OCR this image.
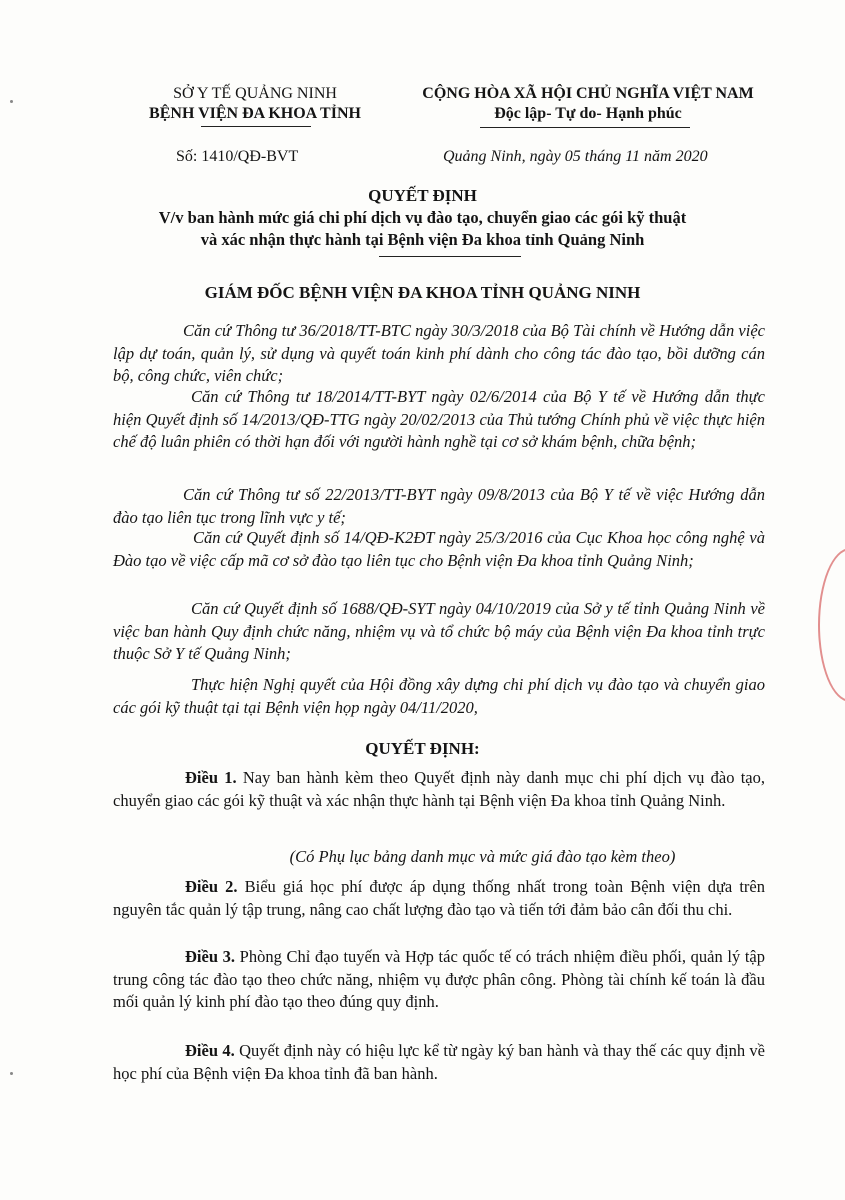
SỞ Y TẾ QUẢNG NINH
BỆNH VIỆN ĐA KHOA TỈNH
CỘNG HÒA XÃ HỘI CHỦ NGHĨA VIỆT NAM
Độc lập- Tự do- Hạnh phúc
Số: 1410/QĐ-BVT	Quảng Ninh, ngày 05 tháng 11 năm 2020
QUYẾT ĐỊNH
V/v ban hành mức giá chi phí dịch vụ đào tạo, chuyển giao các gói kỹ thuật
và xác nhận thực hành tại Bệnh viện Đa khoa tỉnh Quảng Ninh
GIÁM ĐỐC BỆNH VIỆN ĐA KHOA TỈNH QUẢNG NINH
Căn cứ Thông tư 36/2018/TT-BTC ngày 30/3/2018 của Bộ Tài chính về Hướng dẫn việc lập dự toán, quản lý, sử dụng và quyết toán kinh phí dành cho công tác đào tạo, bồi dưỡng cán bộ, công chức, viên chức;
Căn cứ Thông tư 18/2014/TT-BYT ngày 02/6/2014 của Bộ Y tế về Hướng dẫn thực hiện Quyết định số 14/2013/QĐ-TTG ngày 20/02/2013 của Thủ tướng Chính phủ về việc thực hiện chế độ luân phiên có thời hạn đối với người hành nghề tại cơ sở khám bệnh, chữa bệnh;
Căn cứ Thông tư số 22/2013/TT-BYT ngày 09/8/2013 của Bộ Y tế về việc Hướng dẫn đào tạo liên tục trong lĩnh vực y tế;
Căn cứ Quyết định số 14/QĐ-K2ĐT ngày 25/3/2016 của Cục Khoa học công nghệ và Đào tạo về việc cấp mã cơ sở đào tạo liên tục cho Bệnh viện Đa khoa tỉnh Quảng Ninh;
Căn cứ Quyết định số 1688/QĐ-SYT ngày 04/10/2019 của Sở y tế tỉnh Quảng Ninh về việc ban hành Quy định chức năng, nhiệm vụ và tổ chức bộ máy của Bệnh viện Đa khoa tỉnh trực thuộc Sở Y tế Quảng Ninh;
Thực hiện Nghị quyết của Hội đồng xây dựng chi phí dịch vụ đào tạo và chuyển giao các gói kỹ thuật tại tại Bệnh viện họp ngày 04/11/2020,
QUYẾT ĐỊNH:
Điều 1. Nay ban hành kèm theo Quyết định này danh mục chi phí dịch vụ đào tạo, chuyển giao các gói kỹ thuật và xác nhận thực hành tại Bệnh viện Đa khoa tỉnh Quảng Ninh.
(Có Phụ lục bảng danh mục và mức giá đào tạo kèm theo)
Điều 2. Biểu giá học phí được áp dụng thống nhất trong toàn Bệnh viện dựa trên nguyên tắc quản lý tập trung, nâng cao chất lượng đào tạo và tiến tới đảm bảo cân đối thu chi.
Điều 3. Phòng Chỉ đạo tuyến và Hợp tác quốc tế có trách nhiệm điều phối, quản lý tập trung công tác đào tạo theo chức năng, nhiệm vụ được phân công. Phòng tài chính kế toán là đầu mối quản lý kinh phí đào tạo theo đúng quy định.
Điều 4. Quyết định này có hiệu lực kể từ ngày ký ban hành và thay thế các quy định về học phí của Bệnh viện Đa khoa tỉnh đã ban hành.
